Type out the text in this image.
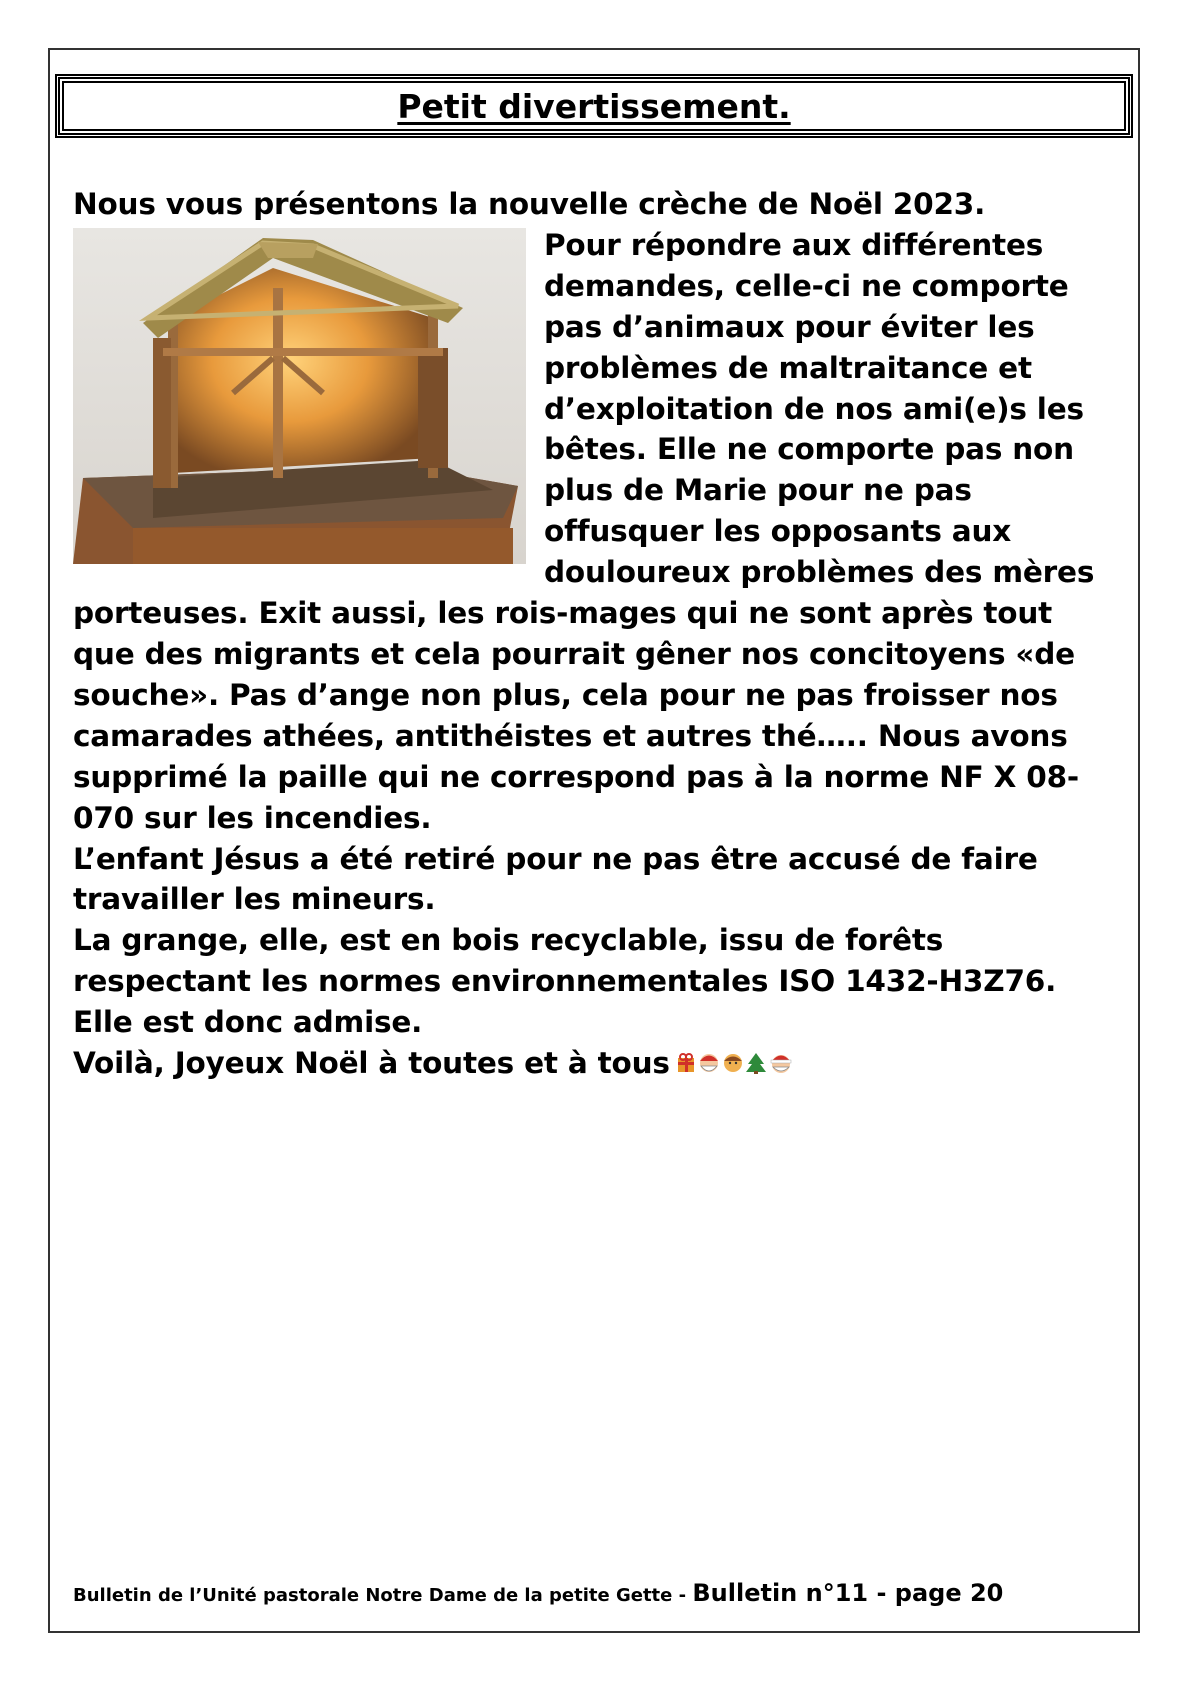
Petit divertissement.

Nous vous présentons la nouvelle crèche de Noël 2023.

Pour répondre aux différentes demandes, celle-ci ne comporte pas d’animaux pour éviter les problèmes de maltraitance et d’exploitation de nos ami(e)s les bêtes. Elle ne comporte pas non plus de Marie pour ne pas offusquer les opposants aux douloureux problèmes des mères porteuses. Exit aussi, les rois-mages qui ne sont après tout que des migrants et cela pourrait gêner nos concitoyens «de souche». Pas d’ange non plus, cela pour ne pas froisser nos camarades athées, antithéistes et autres thé….. Nous avons supprimé la paille qui ne correspond pas à la norme NF X 08-070 sur les incendies.

L’enfant Jésus a été retiré pour ne pas être accusé de faire travailler les mineurs.

La grange, elle, est en bois recyclable, issu de forêts respectant les normes environnementales ISO 1432-H3Z76. Elle est donc admise.

Voilà, Joyeux Noël à toutes et à tous

Bulletin de l’Unité pastorale Notre Dame de la petite Gette - Bulletin n°11 - page 20
